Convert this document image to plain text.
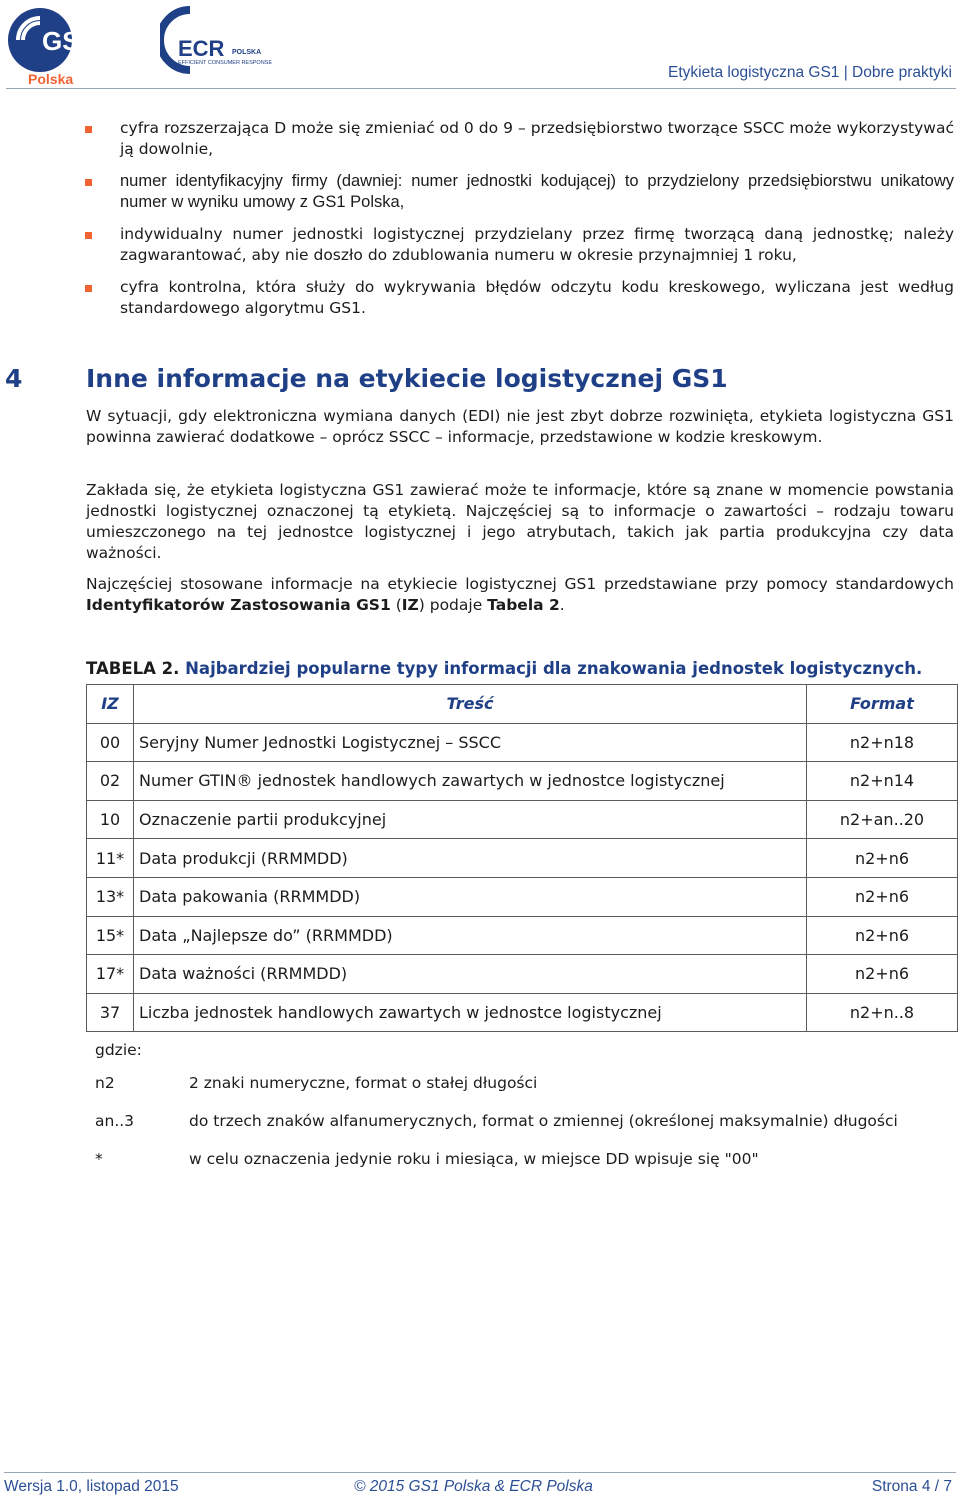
GS1
Polska
ECR POLSKA
EFFICIENT CONSUMER RESPONSE
Etykieta logistyczna GS1 | Dobre praktyki
cyfra rozszerzająca D może się zmieniać od 0 do 9 – przedsiębiorstwo tworzące SSCC może wykorzystywać ją dowolnie,
numer identyfikacyjny firmy (dawniej: numer jednostki kodującej) to przydzielony przedsiębiorstwu unikatowy numer w wyniku umowy z GS1 Polska,
indywidualny numer jednostki logistycznej przydzielany przez firmę tworzącą daną jednostkę; należy zagwarantować, aby nie doszło do zdublowania numeru w okresie przynajmniej 1 roku,
cyfra kontrolna, która służy do wykrywania błędów odczytu kodu kreskowego, wyliczana jest według standardowego algorytmu GS1.
4	Inne informacje na etykiecie logistycznej GS1

W sytuacji, gdy elektroniczna wymiana danych (EDI) nie jest zbyt dobrze rozwinięta, etykieta logistyczna GS1 powinna zawierać dodatkowe – oprócz SSCC – informacje, przedstawione w kodzie kreskowym.

Zakłada się, że etykieta logistyczna GS1 zawierać może te informacje, które są znane w momencie powstania jednostki logistycznej oznaczonej tą etykietą. Najczęściej są to informacje o zawartości – rodzaju towaru umieszczonego na tej jednostce logistycznej i jego atrybutach, takich jak partia produkcyjna czy data ważności.

Najczęściej stosowane informacje na etykiecie logistycznej GS1 przedstawiane przy pomocy standardowych Identyfikatorów Zastosowania GS1 (IZ) podaje Tabela 2.

TABELA 2. Najbardziej popularne typy informacji dla znakowania jednostek logistycznych.
IZ	Treść	Format
00	Seryjny Numer Jednostki Logistycznej – SSCC	n2+n18
02	Numer GTIN® jednostek handlowych zawartych w jednostce logistycznej	n2+n14
10	Oznaczenie partii produkcyjnej	n2+an..20
11*	Data produkcji (RRMMDD)	n2+n6
13*	Data pakowania (RRMMDD)	n2+n6
15*	Data „Najlepsze do” (RRMMDD)	n2+n6
17*	Data ważności (RRMMDD)	n2+n6
37	Liczba jednostek handlowych zawartych w jednostce logistycznej	n2+n..8
gdzie:
n2	2 znaki numeryczne, format o stałej długości
an..3	do trzech znaków alfanumerycznych, format o zmiennej (określonej maksymalnie) długości
*	w celu oznaczenia jedynie roku i miesiąca, w miejsce DD wpisuje się "00"
Wersja 1.0, listopad 2015	© 2015 GS1 Polska & ECR Polska	Strona 4 / 7
